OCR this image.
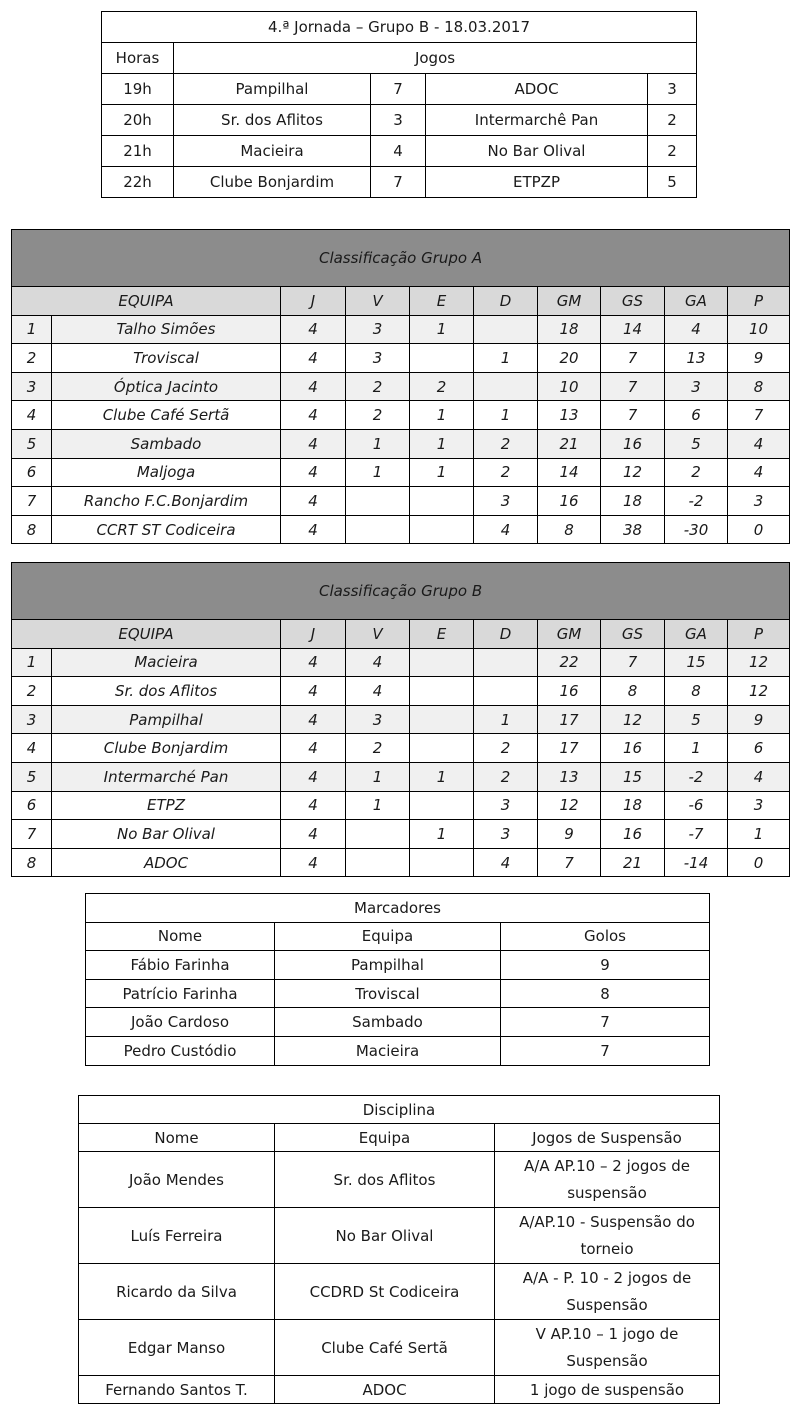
4.ª Jornada – Grupo B - 18.03.2017				
Horas	Jogos			
19h	Pampilhal	7	ADOC	3
20h	Sr. dos Aflitos	3	Intermarchê Pan	2
21h	Macieira	4	No Bar Olival	2
22h	Clube Bonjardim	7	ETPZP	5
Classificação Grupo A									
EQUIPA		J	V	E	D	GM	GS	GA	P
1	Talho Simões	4	3	1		18	14	4	10
2	Troviscal	4	3		1	20	7	13	9
3	Óptica Jacinto	4	2	2		10	7	3	8
4	Clube Café Sertã	4	2	1	1	13	7	6	7
5	Sambado	4	1	1	2	21	16	5	4
6	Maljoga	4	1	1	2	14	12	2	4
7	Rancho F.C.Bonjardim	4			3	16	18	-2	3
8	CCRT ST Codiceira	4			4	8	38	-30	0
Classificação Grupo B									
EQUIPA		J	V	E	D	GM	GS	GA	P
1	Macieira	4	4			22	7	15	12
2	Sr. dos Aflitos	4	4			16	8	8	12
3	Pampilhal	4	3		1	17	12	5	9
4	Clube Bonjardim	4	2		2	17	16	1	6
5	Intermarché Pan	4	1	1	2	13	15	-2	4
6	ETPZ	4	1		3	12	18	-6	3
7	No Bar Olival	4		1	3	9	16	-7	1
8	ADOC	4			4	7	21	-14	0
Marcadores		
Nome	Equipa	Golos
Fábio Farinha	Pampilhal	9
Patrício Farinha	Troviscal	8
João Cardoso	Sambado	7
Pedro Custódio	Macieira	7
Disciplina		
Nome	Equipa	Jogos de Suspensão
João Mendes	Sr. dos Aflitos	A/A AP.10 – 2 jogos de suspensão
Luís Ferreira	No Bar Olival	A/AP.10 - Suspensão do torneio
Ricardo da Silva	CCDRD St Codiceira	A/A - P. 10 - 2 jogos de Suspensão
Edgar Manso	Clube Café Sertã	V AP.10 – 1 jogo de Suspensão
Fernando Santos T.	ADOC	1 jogo de suspensão
